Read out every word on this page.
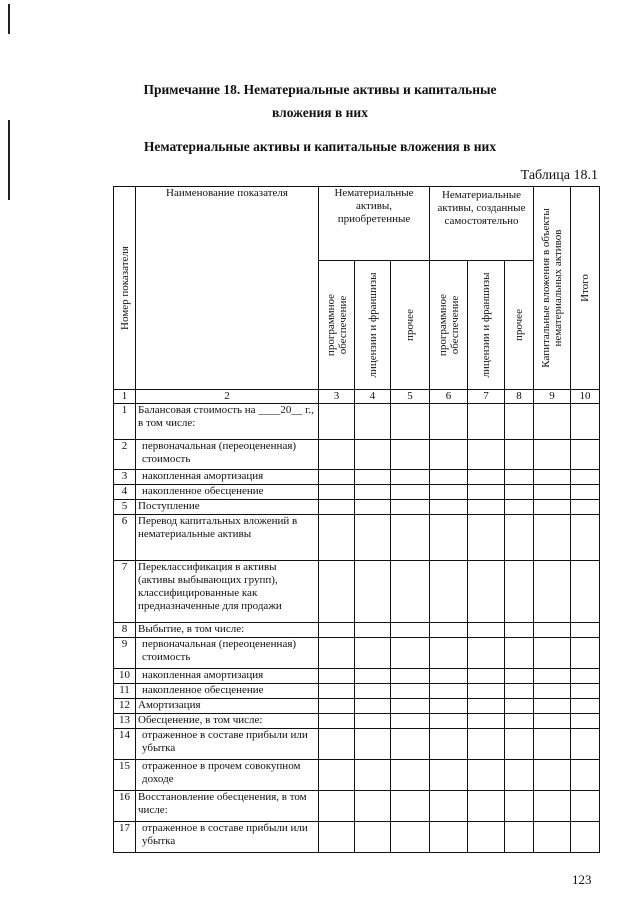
Примечание 18. Нематериальные активы и капитальные
вложения в них
Нематериальные активы и капитальные вложения в них
Таблица 18.1
Номер показателя	Наименование показателя	Нематериальные активы, приобретенные			Нематериальные активы, созданные самостоятельно			Капитальные вложения в объекты нематериальных активов	Итого

		программное обеспечение	лицензии и франшизы	прочее	программное обеспечение	лицензии и франшизы	прочее		

1	2	3	4	5	6	7	8	9	10
1	Балансовая стоимость на ____20__ г., в том числе:								
2	первоначальная (переоцененная) стоимость								
3	накопленная амортизация								
4	накопленное обесценение								
5	Поступление								
6	Перевод капитальных вложений в нематериальные активы								
7	Переклассификация в активы (активы выбывающих групп), классифицированные как предназначенные для продажи								
8	Выбытие, в том числе:								
9	первоначальная (переоцененная) стоимость								
10	накопленная амортизация								
11	накопленное обесценение								
12	Амортизация								
13	Обесценение, в том числе:								
14	отраженное в составе прибыли или убытка								
15	отраженное в прочем совокупном доходе								
16	Восстановление обесценения, в том числе:								
17	отраженное в составе прибыли или убытка								
123
